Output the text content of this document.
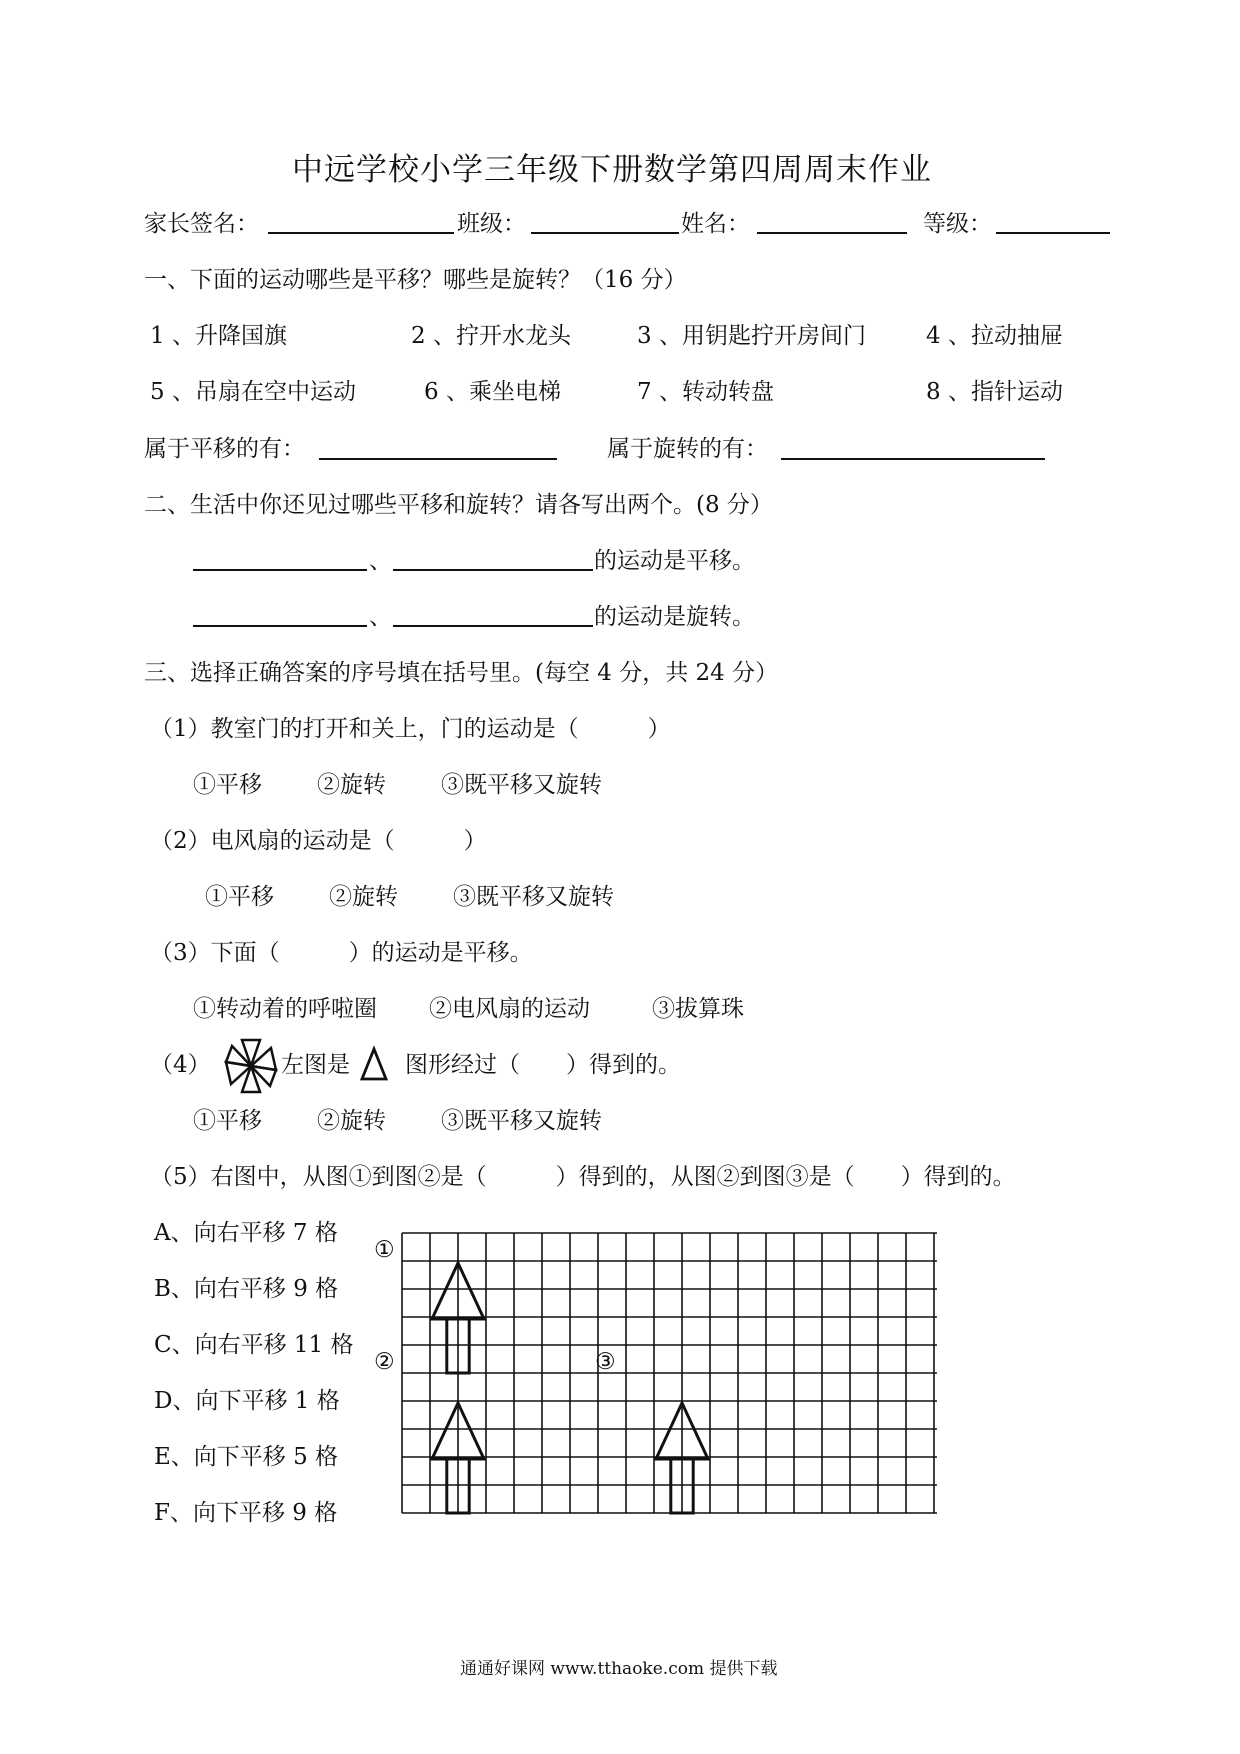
中远学校小学三年级下册数学第四周周末作业
家长签名：	班级：	姓名：	等级：
一、下面的运动哪些是平移？哪些是旋转？（16 分）
1 、升降国旗	2 、拧开水龙头	3 、用钥匙拧开房间门	4 、拉动抽屉
5 、吊扇在空中运动	6 、乘坐电梯	7 、转动转盘	8 、指针运动
属于平移的有：	属于旋转的有：
二、生活中你还见过哪些平移和旋转？请各写出两个。(8 分）
、	的运动是平移。
、	的运动是旋转。
三、选择正确答案的序号填在括号里。(每空 4 分，共 24 分）
（1）教室门的打开和关上，门的运动是（　　　）
①平移 ②旋转 ③既平移又旋转
（2）电风扇的运动是（　　　）
①平移 ②旋转 ③既平移又旋转
（3）下面（　　　）的运动是平移。
①转动着的呼啦圈 ②电风扇的运动	③拔算珠
（4）	左图是 图形经过（　　）得到的。
①平移 ②旋转 ③既平移又旋转
（5）右图中，从图①到图②是（　　　）得到的，从图②到图③是（　　）得到的。
A、向右平移 7 格
B、向右平移 9 格
C、向右平移 11 格
D、向下平移 1 格
E、向下平移 5 格
F、向下平移 9 格
①
②	③
通通好课网 www.tthaoke.com 提供下载
